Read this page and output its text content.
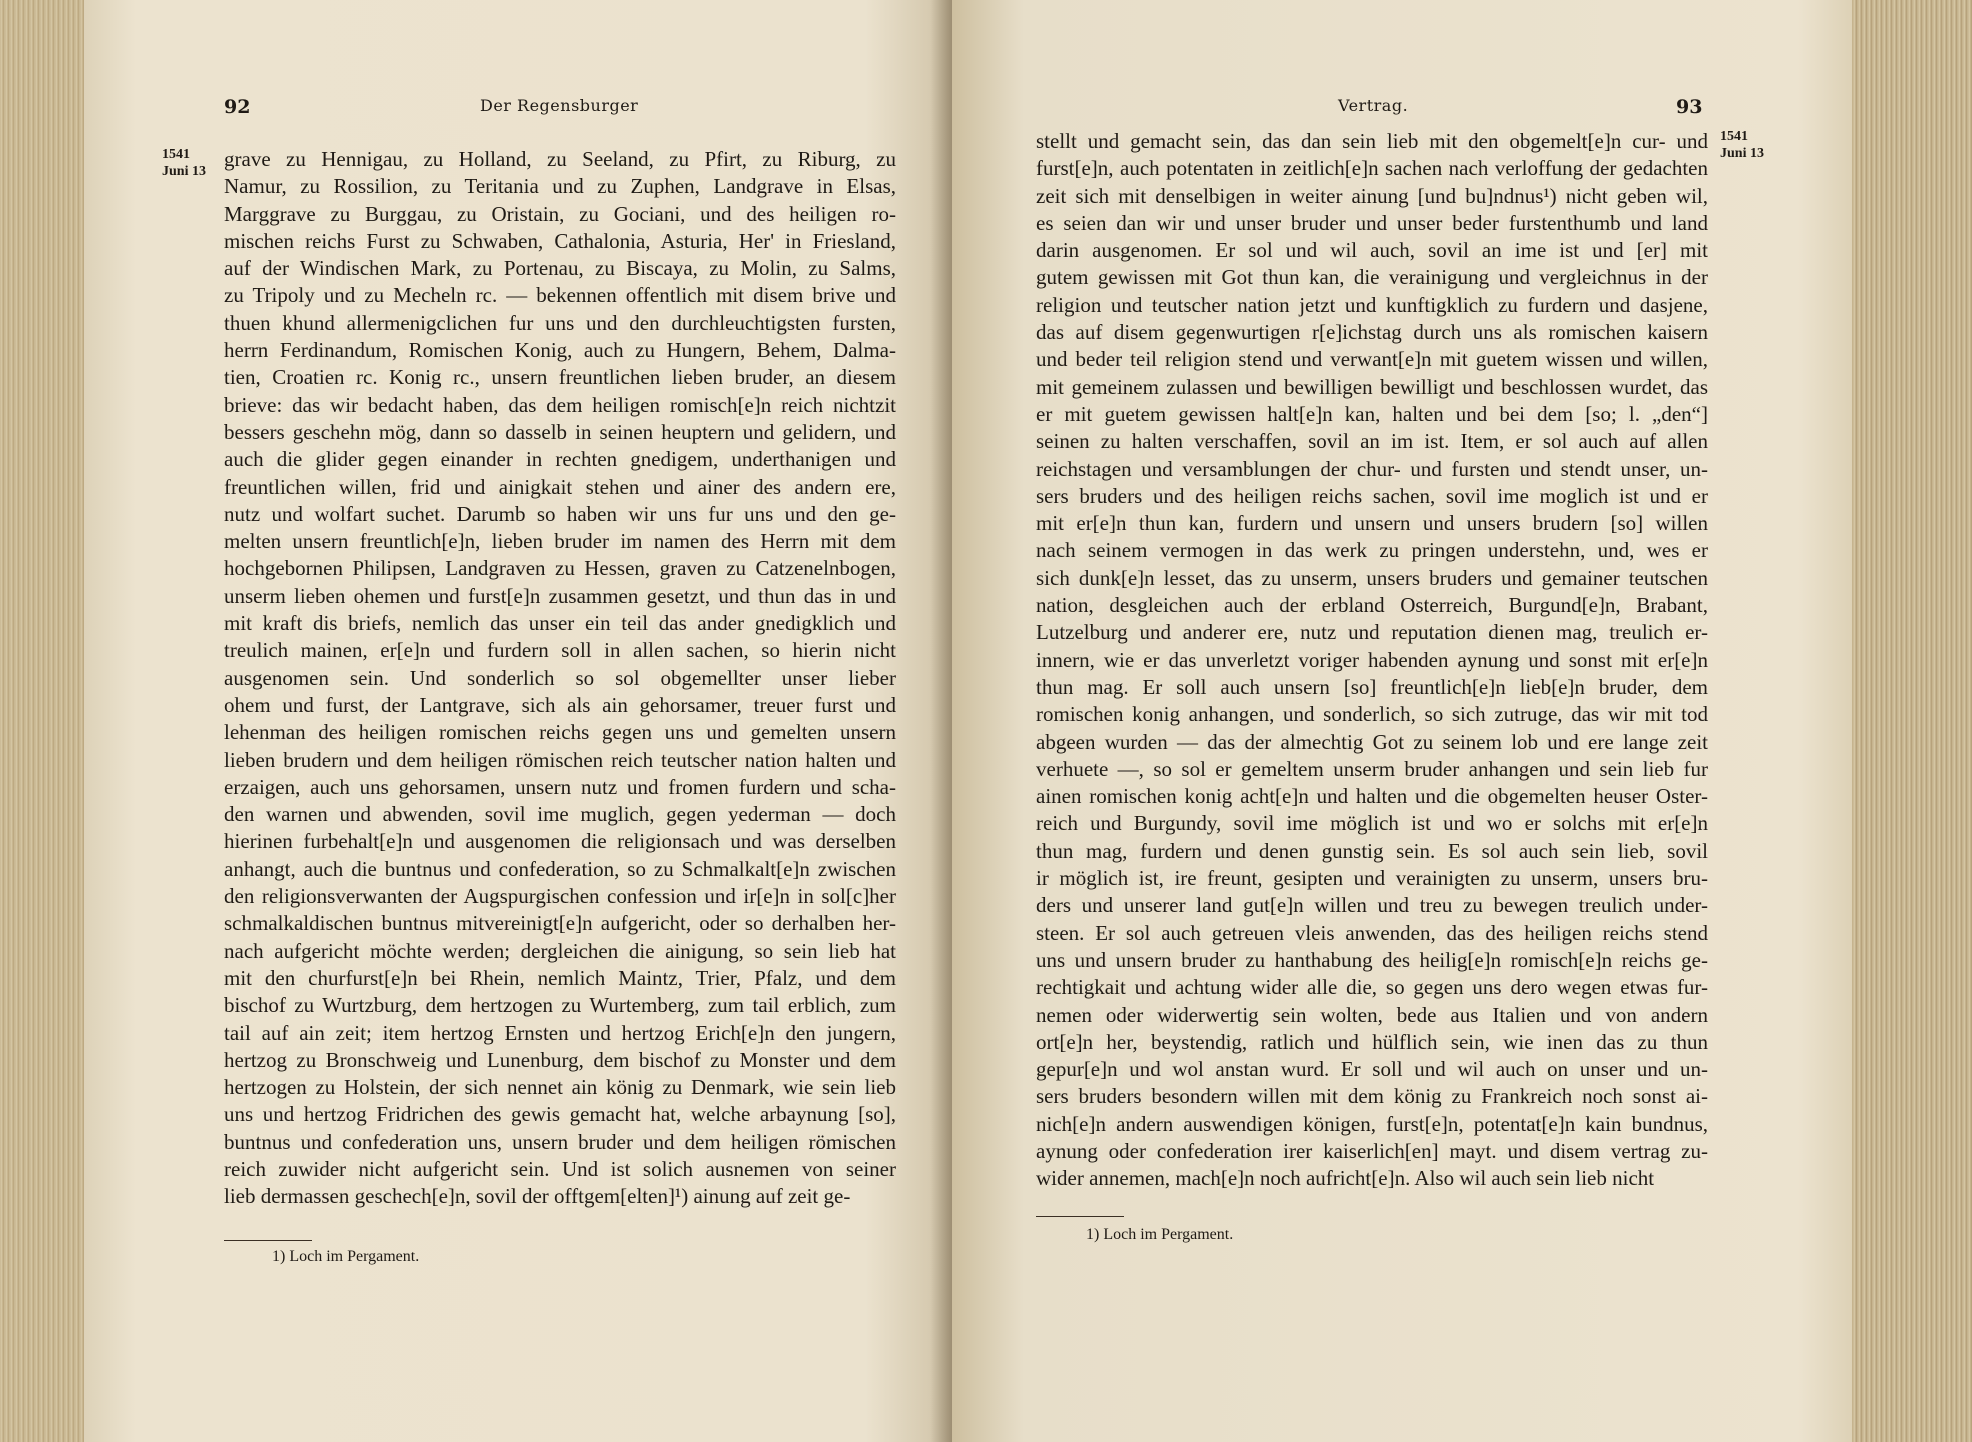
92	Der Regensburger
1541
Juni 13
grave zu Hennigau, zu Holland, zu Seeland, zu Pfirt, zu Riburg, zu
Namur, zu Rossilion, zu Teritania und zu Zuphen, Landgrave in Elsas,
Marggrave zu Burggau, zu Oristain, zu Gociani, und des heiligen ro-
mischen reichs Furst zu Schwaben, Cathalonia, Asturia, Her' in Friesland,
auf der Windischen Mark, zu Portenau, zu Biscaya, zu Molin, zu Salms,
zu Tripoly und zu Mecheln rc. — bekennen offentlich mit disem brive und
thuen khund allermenigclichen fur uns und den durchleuchtigsten fursten,
herrn Ferdinandum, Romischen Konig, auch zu Hungern, Behem, Dalma-
tien, Croatien rc. Konig rc., unsern freuntlichen lieben bruder, an diesem
brieve: das wir bedacht haben, das dem heiligen romisch[e]n reich nichtzit
bessers geschehn mög, dann so dasselb in seinen heuptern und gelidern, und
auch die glider gegen einander in rechten gnedigem, underthanigen und
freuntlichen willen, frid und ainigkait stehen und ainer des andern ere,
nutz und wolfart suchet. Darumb so haben wir uns fur uns und den ge-
melten unsern freuntlich[e]n, lieben bruder im namen des Herrn mit dem
hochgebornen Philipsen, Landgraven zu Hessen, graven zu Catzenelnbogen,
unserm lieben ohemen und furst[e]n zusammen gesetzt, und thun das in und
mit kraft dis briefs, nemlich das unser ein teil das ander gnedigklich und
treulich mainen, er[e]n und furdern soll in allen sachen, so hierin nicht
ausgenomen sein. Und sonderlich so sol obgemellter unser lieber
ohem und furst, der Lantgrave, sich als ain gehorsamer, treuer furst und
lehenman des heiligen romischen reichs gegen uns und gemelten unsern
lieben brudern und dem heiligen römischen reich teutscher nation halten und
erzaigen, auch uns gehorsamen, unsern nutz und fromen furdern und scha-
den warnen und abwenden, sovil ime muglich, gegen yederman — doch
hierinen furbehalt[e]n und ausgenomen die religionsach und was derselben
anhangt, auch die buntnus und confederation, so zu Schmalkalt[e]n zwischen
den religionsverwanten der Augspurgischen confession und ir[e]n in sol[c]her
schmalkaldischen buntnus mitvereinigt[e]n aufgericht, oder so derhalben her-
nach aufgericht möchte werden; dergleichen die ainigung, so sein lieb hat
mit den churfurst[e]n bei Rhein, nemlich Maintz, Trier, Pfalz, und dem
bischof zu Wurtzburg, dem hertzogen zu Wurtemberg, zum tail erblich, zum
tail auf ain zeit; item hertzog Ernsten und hertzog Erich[e]n den jungern,
hertzog zu Bronschweig und Lunenburg, dem bischof zu Monster und dem
hertzogen zu Holstein, der sich nennet ain könig zu Denmark, wie sein lieb
uns und hertzog Fridrichen des gewis gemacht hat, welche arbaynung [so],
buntnus und confederation uns, unsern bruder und dem heiligen römischen
reich zuwider nicht aufgericht sein. Und ist solich ausnemen von seiner
lieb dermassen geschech[e]n, sovil der offtgem[elten]¹) ainung auf zeit ge-
1) Loch im Pergament.
Vertrag.	93
1541
Juni 13
stellt und gemacht sein, das dan sein lieb mit den obgemelt[e]n cur- und
furst[e]n, auch potentaten in zeitlich[e]n sachen nach verloffung der gedachten
zeit sich mit denselbigen in weiter ainung [und bu]ndnus¹) nicht geben wil,
es seien dan wir und unser bruder und unser beder furstenthumb und land
darin ausgenomen. Er sol und wil auch, sovil an ime ist und [er] mit
gutem gewissen mit Got thun kan, die verainigung und vergleichnus in der
religion und teutscher nation jetzt und kunftigklich zu furdern und dasjene,
das auf disem gegenwurtigen r[e]ichstag durch uns als romischen kaisern
und beder teil religion stend und verwant[e]n mit guetem wissen und willen,
mit gemeinem zulassen und bewilligen bewilligt und beschlossen wurdet, das
er mit guetem gewissen halt[e]n kan, halten und bei dem [so; l. „den“]
seinen zu halten verschaffen, sovil an im ist. Item, er sol auch auf allen
reichstagen und versamblungen der chur- und fursten und stendt unser, un-
sers bruders und des heiligen reichs sachen, sovil ime moglich ist und er
mit er[e]n thun kan, furdern und unsern und unsers brudern [so] willen
nach seinem vermogen in das werk zu pringen understehn, und, wes er
sich dunk[e]n lesset, das zu unserm, unsers bruders und gemainer teutschen
nation, desgleichen auch der erbland Osterreich, Burgund[e]n, Brabant,
Lutzelburg und anderer ere, nutz und reputation dienen mag, treulich er-
innern, wie er das unverletzt voriger habenden aynung und sonst mit er[e]n
thun mag. Er soll auch unsern [so] freuntlich[e]n lieb[e]n bruder, dem
romischen konig anhangen, und sonderlich, so sich zutruge, das wir mit tod
abgeen wurden — das der almechtig Got zu seinem lob und ere lange zeit
verhuete —, so sol er gemeltem unserm bruder anhangen und sein lieb fur
ainen romischen konig acht[e]n und halten und die obgemelten heuser Oster-
reich und Burgundy, sovil ime möglich ist und wo er solchs mit er[e]n
thun mag, furdern und denen gunstig sein. Es sol auch sein lieb, sovil
ir möglich ist, ire freunt, gesipten und verainigten zu unserm, unsers bru-
ders und unserer land gut[e]n willen und treu zu bewegen treulich under-
steen. Er sol auch getreuen vleis anwenden, das des heiligen reichs stend
uns und unsern bruder zu hanthabung des heilig[e]n romisch[e]n reichs ge-
rechtigkait und achtung wider alle die, so gegen uns dero wegen etwas fur-
nemen oder widerwertig sein wolten, bede aus Italien und von andern
ort[e]n her, beystendig, ratlich und hülflich sein, wie inen das zu thun
gepur[e]n und wol anstan wurd. Er soll und wil auch on unser und un-
sers bruders besondern willen mit dem könig zu Frankreich noch sonst ai-
nich[e]n andern auswendigen königen, furst[e]n, potentat[e]n kain bundnus,
aynung oder confederation irer kaiserlich[en] mayt. und disem vertrag zu-
wider annemen, mach[e]n noch aufricht[e]n. Also wil auch sein lieb nicht
1) Loch im Pergament.
